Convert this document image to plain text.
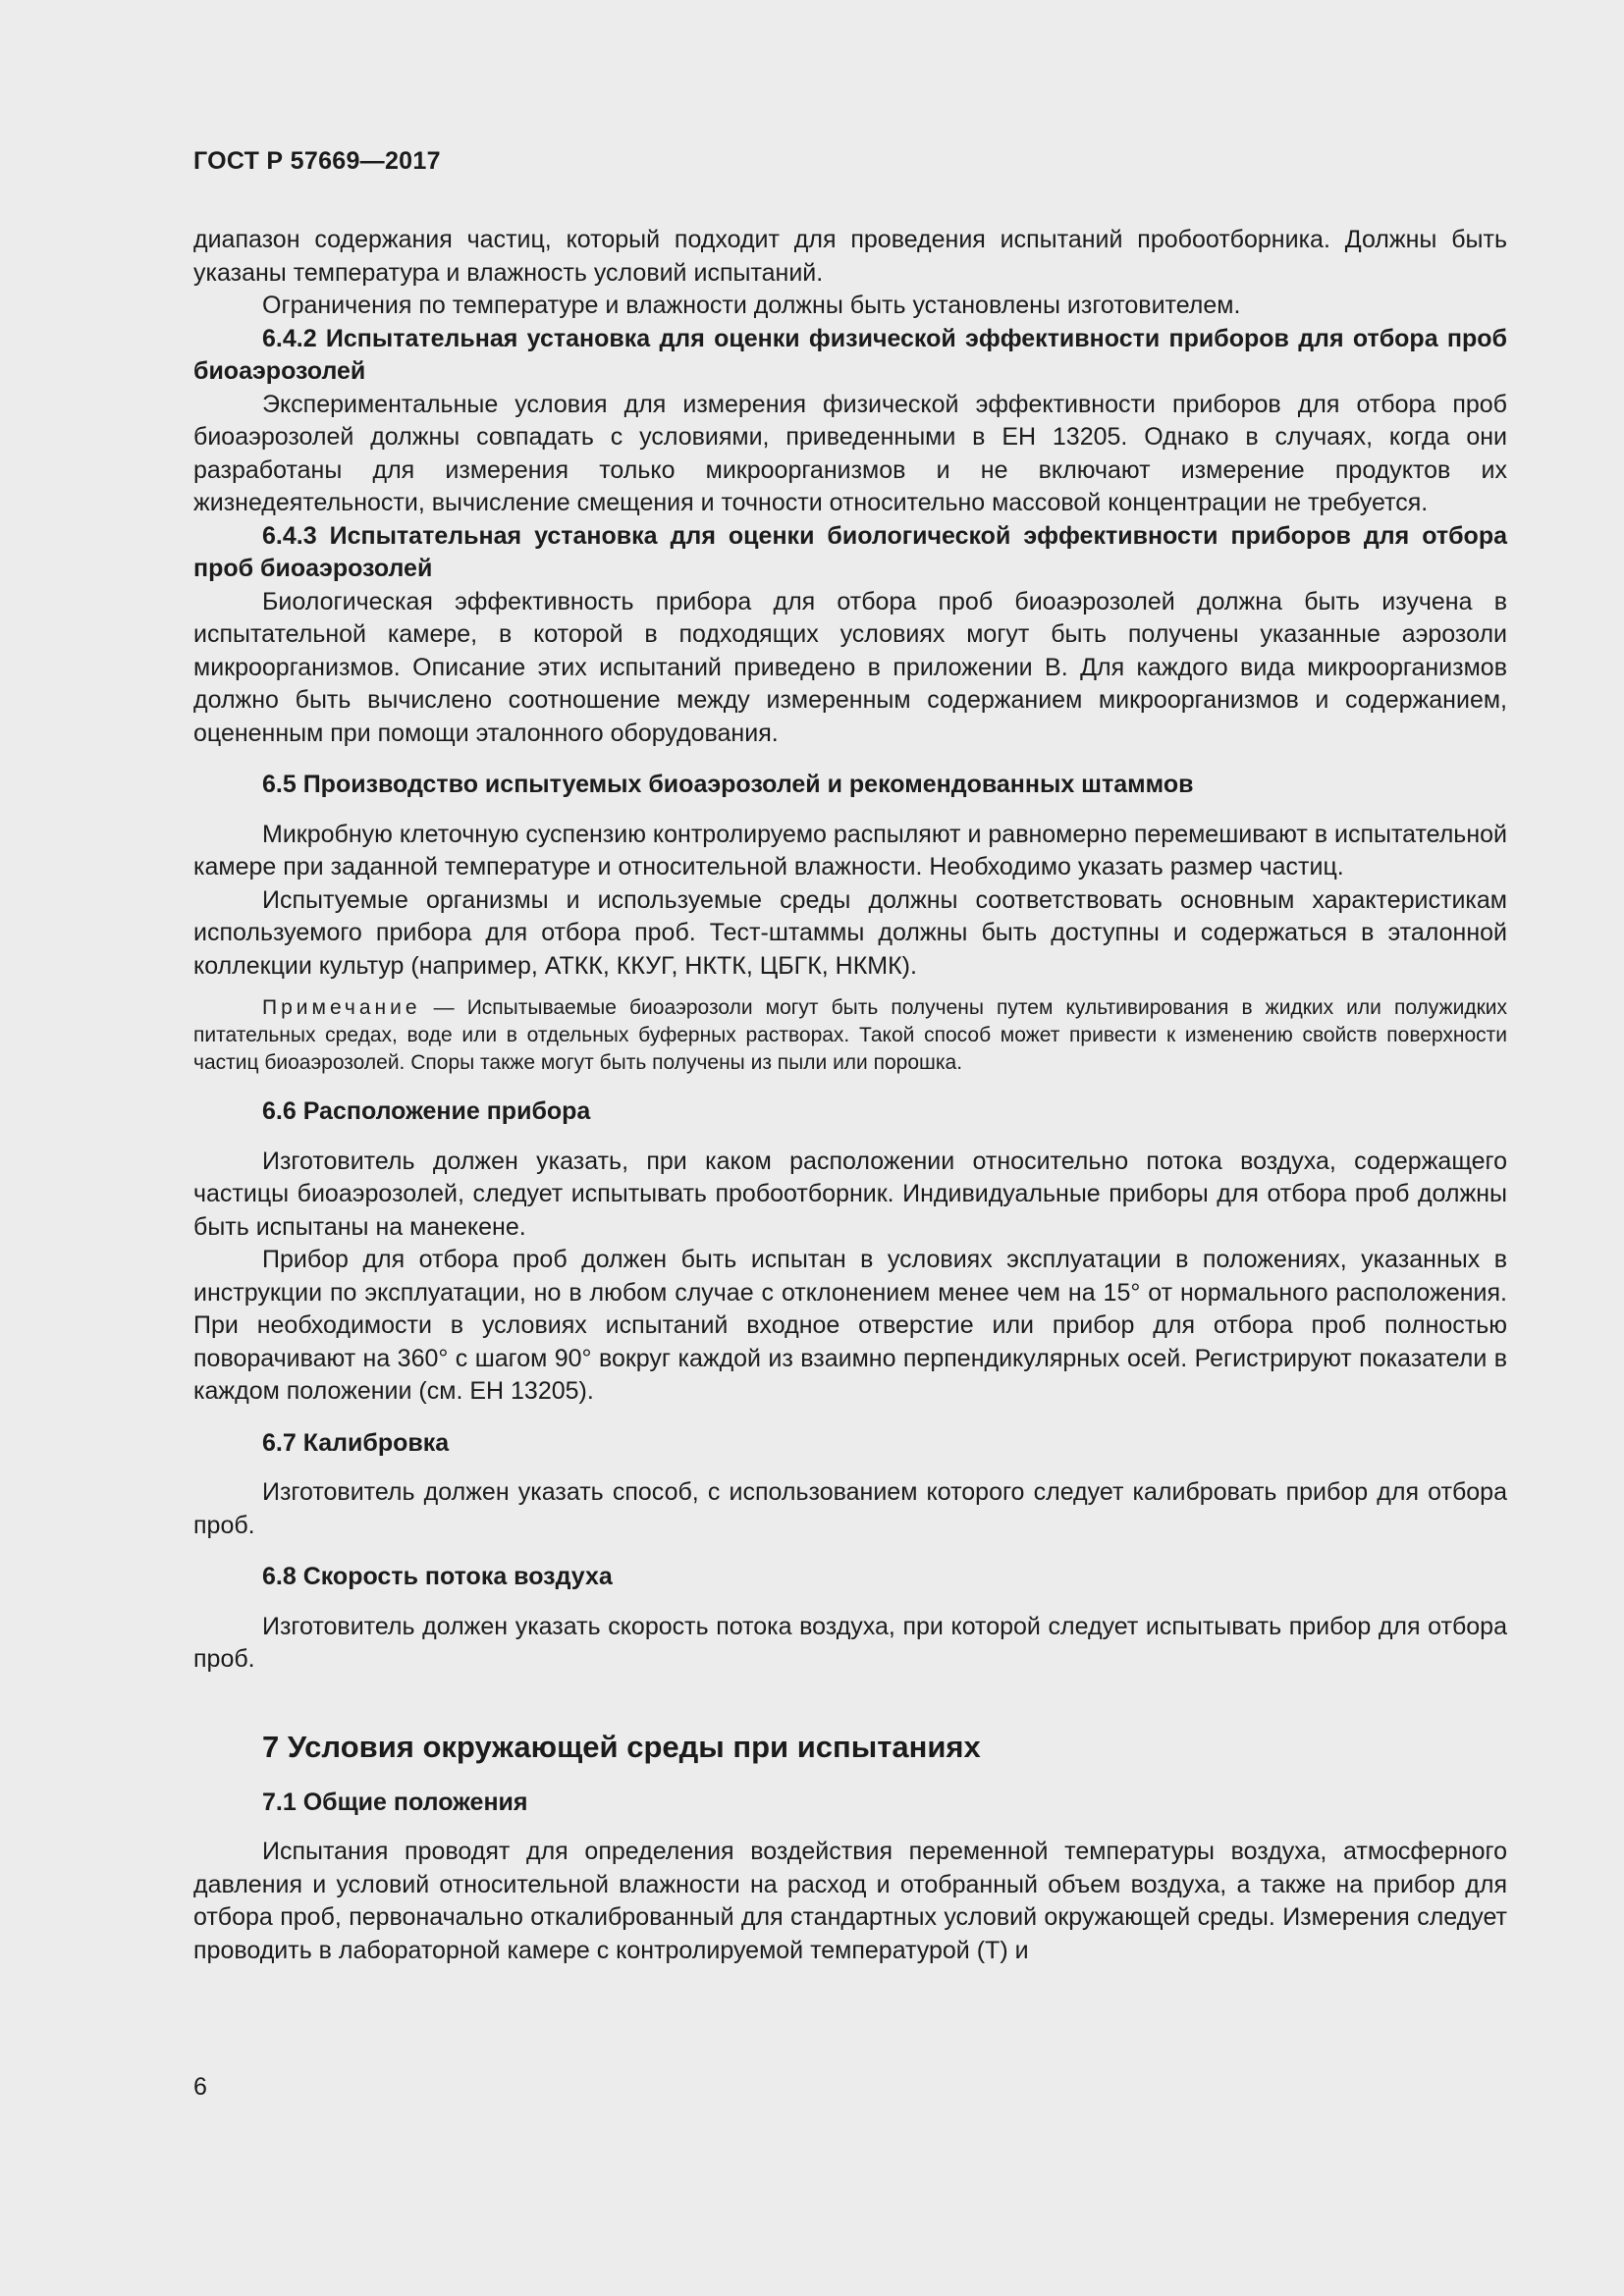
ГОСТ Р 57669—2017

диапазон содержания частиц, который подходит для проведения испытаний пробоотборника. Должны быть указаны температура и влажность условий испытаний.

Ограничения по температуре и влажности должны быть установлены изготовителем.

6.4.2 Испытательная установка для оценки физической эффективности приборов для отбора проб биоаэрозолей

Экспериментальные условия для измерения физической эффективности приборов для отбора проб биоаэрозолей должны совпадать с условиями, приведенными в ЕН 13205. Однако в случаях, когда они разработаны для измерения только микроорганизмов и не включают измерение продуктов их жизнедеятельности, вычисление смещения и точности относительно массовой концентрации не требуется.

6.4.3 Испытательная установка для оценки биологической эффективности приборов для отбора проб биоаэрозолей

Биологическая эффективность прибора для отбора проб биоаэрозолей должна быть изучена в испытательной камере, в которой в подходящих условиях могут быть получены указанные аэрозоли микроорганизмов. Описание этих испытаний приведено в приложении В. Для каждого вида микроорганизмов должно быть вычислено соотношение между измеренным содержанием микроорганизмов и содержанием, оцененным при помощи эталонного оборудования.

6.5 Производство испытуемых биоаэрозолей и рекомендованных штаммов

Микробную клеточную суспензию контролируемо распыляют и равномерно перемешивают в испытательной камере при заданной температуре и относительной влажности. Необходимо указать размер частиц.

Испытуемые организмы и используемые среды должны соответствовать основным характеристикам используемого прибора для отбора проб. Тест-штаммы должны быть доступны и содержаться в эталонной коллекции культур (например, АТКК, ККУГ, НКТК, ЦБГК, НКМК).

Примечание — Испытываемые биоаэрозоли могут быть получены путем культивирования в жидких или полужидких питательных средах, воде или в отдельных буферных растворах. Такой способ может привести к изменению свойств поверхности частиц биоаэрозолей. Споры также могут быть получены из пыли или порошка.

6.6 Расположение прибора

Изготовитель должен указать, при каком расположении относительно потока воздуха, содержащего частицы биоаэрозолей, следует испытывать пробоотборник. Индивидуальные приборы для отбора проб должны быть испытаны на манекене.

Прибор для отбора проб должен быть испытан в условиях эксплуатации в положениях, указанных в инструкции по эксплуатации, но в любом случае с отклонением менее чем на 15° от нормального расположения. При необходимости в условиях испытаний входное отверстие или прибор для отбора проб полностью поворачивают на 360° с шагом 90° вокруг каждой из взаимно перпендикулярных осей. Регистрируют показатели в каждом положении (см. ЕН 13205).

6.7 Калибровка

Изготовитель должен указать способ, с использованием которого следует калибровать прибор для отбора проб.

6.8 Скорость потока воздуха

Изготовитель должен указать скорость потока воздуха, при которой следует испытывать прибор для отбора проб.

7 Условия окружающей среды при испытаниях
7.1 Общие положения

Испытания проводят для определения воздействия переменной температуры воздуха, атмосферного давления и условий относительной влажности на расход и отобранный объем воздуха, а также на прибор для отбора проб, первоначально откалиброванный для стандартных условий окружающей среды. Измерения следует проводить в лабораторной камере с контролируемой температурой (Т) и

6
